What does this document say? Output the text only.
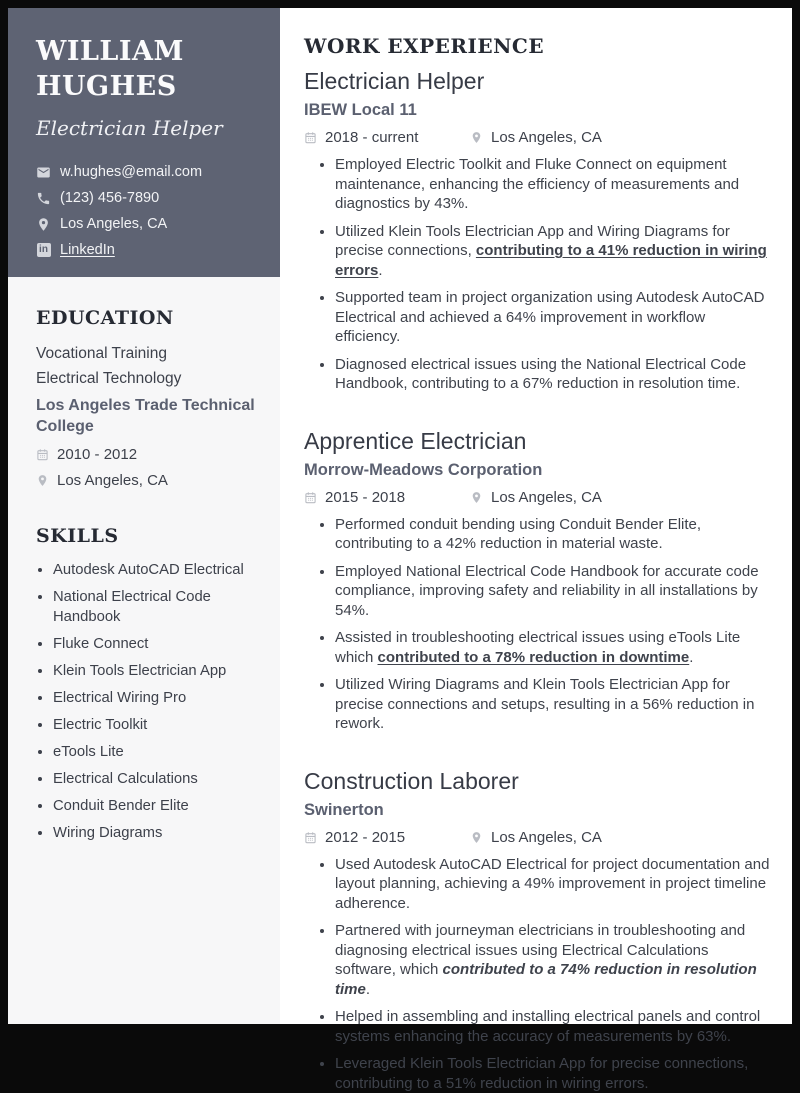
WILLIAM
HUGHES
Electrician Helper
w.hughes@email.com
(123) 456-7890
Los Angeles, CA
in LinkedIn
EDUCATION
Vocational Training
Electrical Technology
Los Angeles Trade Technical College
2010 - 2012
Los Angeles, CA
SKILLS
• Autodesk AutoCAD Electrical
• National Electrical Code Handbook
• Fluke Connect
• Klein Tools Electrician App
• Electrical Wiring Pro
• Electric Toolkit
• eTools Lite
• Electrical Calculations
• Conduit Bender Elite
• Wiring Diagrams
WORK EXPERIENCE
Electrician Helper
IBEW Local 11
2018 - current	Los Angeles, CA
• Employed Electric Toolkit and Fluke Connect on equipment maintenance, enhancing the efficiency of measurements and diagnostics by 43%.
• Utilized Klein Tools Electrician App and Wiring Diagrams for precise connections, contributing to a 41% reduction in wiring errors.
• Supported team in project organization using Autodesk AutoCAD Electrical and achieved a 64% improvement in workflow efficiency.
• Diagnosed electrical issues using the National Electrical Code Handbook, contributing to a 67% reduction in resolution time.
Apprentice Electrician
Morrow-Meadows Corporation
2015 - 2018	Los Angeles, CA
• Performed conduit bending using Conduit Bender Elite, contributing to a 42% reduction in material waste.
• Employed National Electrical Code Handbook for accurate code compliance, improving safety and reliability in all installations by 54%.
• Assisted in troubleshooting electrical issues using eTools Lite which contributed to a 78% reduction in downtime.
• Utilized Wiring Diagrams and Klein Tools Electrician App for precise connections and setups, resulting in a 56% reduction in rework.
Construction Laborer
Swinerton
2012 - 2015	Los Angeles, CA
• Used Autodesk AutoCAD Electrical for project documentation and layout planning, achieving a 49% improvement in project timeline adherence.
• Partnered with journeyman electricians in troubleshooting and diagnosing electrical issues using Electrical Calculations software, which contributed to a 74% reduction in resolution time.
• Helped in assembling and installing electrical panels and control systems enhancing the accuracy of measurements by 63%.
• Leveraged Klein Tools Electrician App for precise connections, contributing to a 51% reduction in wiring errors.
